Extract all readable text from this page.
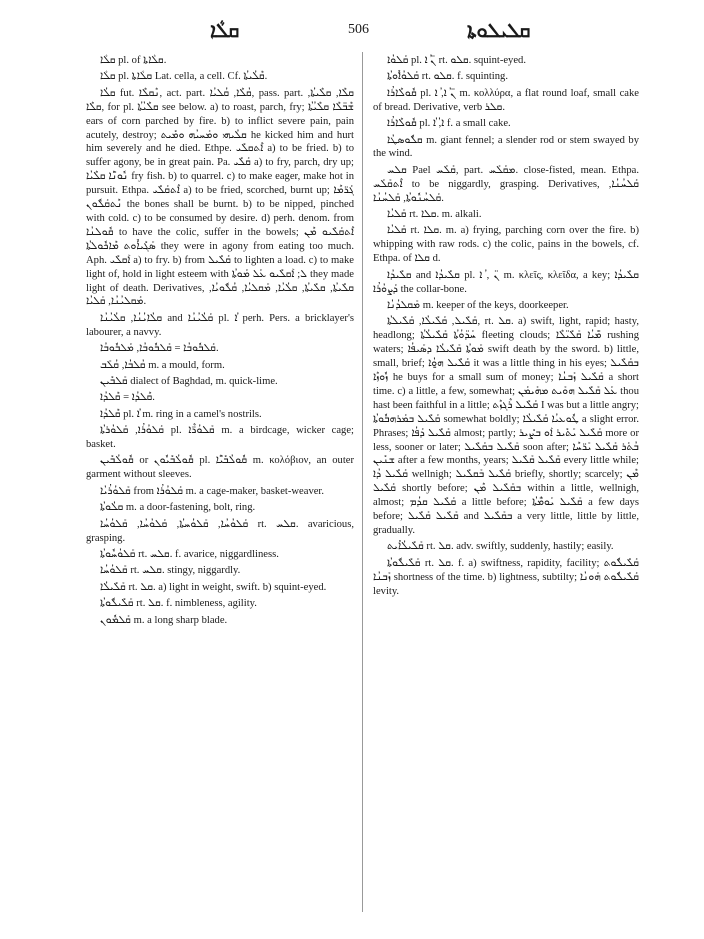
ܩܠܵܐ	506	ܩܠܝܠܘܬܐ

ܩܠܵܐ pl. of ܩܠܵܐܬܐ.

ܩܠܵܐ pl. ܩܠܵܐܬܐ Lat. cella, a cell. Cf. ܩܶܠܳܝܬܳܐ.

ܩܠܳܐ fut. ܢܶܩܠܶܐ, act. part. ܩܳܠܶܐ, ܩܳܠܝܳܐ, pass. part. ܩܠܶܐ, ܩܠܶܝܬܳܐ, ܩܠܶܐ, for pl. ܩܠܶܝܳܬܳܐ see below. a) to roast, parch, fry; ܫܶܒ̈ܠܶܐ ܩܠܶܝܳܬܳܐ ears of corn parched by fire. b) to inflict severe pain, pain acutely, destroy; ܩܠܳܝܗܝ ܘܡܰܚܝܳܗ ܘܡܺܝܬ he kicked him and hurt him severely and he died. Ethpe. ܐܶܬܩܠܺܝ a) to be fried. b) to suffer agony, be in great pain. Pa. ܩܰܠܺܝ a) to fry, parch, dry up; ܢܽܘܢ̈ܶܐ ܩܠܶܝܳܐ fry fish. b) to quarrel. c) to make eager, make hot in pursuit. Ethpa. ܐܶܬܩܰܠܺܝ a) to be fried, scorched, burnt up; ܓܰܪ̈ܡܶܐ ܢܶܬܩܰܠܽܘܢ the bones shall be burnt. b) to be nipped, pinched with cold. c) to be consumed by desire. d) perh. denom. from ܩܽܘܠܢܳܐ to have the colic, suffer in the bowels; ܐܶܬܩܰܠܺܝܘ ܡܶܢ ܣܰܓܺܝܐܽܘܬ ܡܶܐܟܽܘܠܬܳܐ they were in agony from eating too much. Aph. ܐܰܩܠܺܝ a) to fry. b) from ܩܰܠܺܝܠ to lighten a load. c) to make light of, hold in light esteem with ܠ; ܐܰܩܠܺܝܘ ܥܰܠ ܡܰܘܬܳܐ they made light of death. Derivatives, ܩܠܺܝܬܳܐ, ܩܠܺܝܬܳܐ, ܩܠܳܝܳܐ, ܡܰܩܠܝܳܐ, ܩܳܠܽܘܝܳܐ, ܡܰܩܠܝܳܢܳܐ, ܩܰܠܝܳܐ.

ܩܠܳܐܝܳܢܳܐ, ܩܠܳܝܳܢܳܐ and ܩܰܠܳܝܳܢܳܐ pl. ܳܐ perh. Pers. a bricklayer's labourer, a navvy.

ܩܰܠܒܽܘܒܳܐ = ܩܰܠܒܽܘܒܳܐ, ܡܰܠܒܽܘܒܳܐ.

ܩܳܠܒܳܐ, ܩܳܠܰܒ m. a mould, form.

ܩܰܠܒܺܝܢ dialect of Baghdad, m. quick-lime.

ܩܶܠܕܳܐ = ܩܶܠܕܳܐ.

ܩܶܠܕܳܐ pl. ܳܐ m. ring in a camel's nostrils.

ܩܰܠܘܳܪܳܐ, ܩܰܠܘܳܪܬܳܐ pl. ܩܰܠܘܳܪ̈ܶܐ m. a birdcage, wicker cage; basket.

ܩܽܘܠܳܒܺܝܢ or ܩܽܘܠܳܒܺܝܽܘܢ pl. ܩܽܘܠܳܒܺܝ̈ܶܐ m. κολόβιον, an outer garment without sleeves.

ܩܰܠܘܳܪܳܝܳܐ from ܩܰܠܘܳܪܳܐ m. a cage-maker, basket-weaver.

ܩܠܳܘܬܳܐ m. a door-fastening, bolt, ring.

ܩܰܠܘܳܚܳܐ, ܩܰܠܘܳܚܬܳܐ, ܩܰܠܘܳܚܳܐ, ܩܰܠܘܳܚܳܐ rt. ܩܠܚ. avaricious, grasping.

ܩܰܠܘܳܚܽܘܬܳܐ rt. ܩܠܚ. f. avarice, niggardliness.

ܩܰܠܘܳܚܳܐ rt. ܩܠܚ. stingy, niggardly.

ܩܰܠܺܝܠܳܐ rt. ܩܠ. a) light in weight, swift. b) squint-eyed.

ܩܰܠܺܝܠܽܘܬܳܐ rt. ܩܠ. f. nimbleness, agility.

ܩܰܠܡܽܘܢ m. a long sharp blade.

ܩܰܠܘܳܐ pl. ܢ̈ ܳܐ rt. ܩܠܘ. squint-eyed.

ܩܰܠܘܳܐܽܘܬܳܐ rt. ܩܠܘ. f. squinting.

ܩܽܘܠܶܐܪܳܐ pl. ܢ̈ ܳܐ, ܳܐ m. κολλύρα, a flat round loaf, small cake of bread. Derivative, verb ܩܠܪ.

ܩܽܘܠܶܐܪܳܐ pl. ܳܐ, ܳܐ f. a small cake.

ܩܠܽܘܣܛܳܐ m. giant fennel; a slender rod or stem swayed by the wind.

ܩܠܚ Pael ܩܰܠܰܚ, part. ܡܩܰܠܰܚ. close-fisted, mean. Ethpa. ܐܶܬܩܰܠܰܚ to be niggardly, grasping. Derivatives, ܩܰܠܚܳܢܳܐ, ܩܰܠܚܳܢܽܘܬܳܐ, ܩܰܠܚܳܢܳܐ.

ܩܰܠܝܳܐ rt. ܩܠܐ. m. alkali.

ܩܰܠܝܳܐ rt. ܩܠܐ. m. a) frying, parching corn over the fire. b) whipping with raw rods. c) the colic, pains in the bowels, cf. Ethpa. of ܩܠܐ d.

ܩܠܺܝܕܳܐ and ܩܠܺܝܕܳܐ pl. ܢ̈ , ܳܐ m. κλεῖς, κλεῖδα, a key; ܩܠܺܝܕܳܐ ܕܰܨܘܳܪܳܐ the collar-bone.

ܡܰܩܠܕܳܢܳܐ m. keeper of the keys, doorkeeper.

ܩܰܠܺܝܠ, ܩܰܠܺܝܠܳܐ, ܩܰܠܺܝܠܬܳܐ, rt. ܩܠ. a) swift, light, rapid; hasty, headlong; ܚܰܕ̈ܘܳܬܳܐ ܩܰܠܺܝܠܳܬܳܐ fleeting clouds; ܡ̈ܰܝܳܐ ܩܰܠܺܝ̈ܠܶܐ rushing waters; ܡܰܘܬܳܐ ܩܰܠܺܝܠܳܐ ܕܣܰܝܦܳܐ swift death by the sword. b) little, small, brief; ܩܰܠܺܝܠ ܗ̱ܘܳܐ it was a little thing in his eyes; ܒܩܰܠܺܝܠ ܙܽܘܙܶܐ he buys for a small sum of money; ܩܰܠܺܝܠ ܙܰܒܢܳܐ a short time. c) a little, a few, somewhat; ܥܰܠ ܩܰܠܺܝܠ ܗܘܰܝܬ ܡܗܰܝܡܰܢ thou hast been faithful in a little; ܩܰܠܺܝܠ ܪܶܓܙܶܬ I was but a little angry; ܩܰܠܺܝܠ ܒܡܰܪܗܒܽܘܬܳܐ somewhat boldly; ܛܽܘܥܝܳܐ ܩܰܠܺܝܠܳܐ a slight error. Phrases; ܩܰܠܺܝܠ ܕܰܦܳܐ almost; partly; ܩܰܠܺܝܠ ܝܰܬܺܝܪ ܐܰܘ ܒܨܺܝܪ more or less, sooner or later; ܩܰܠܺܝܠ ܒܩܰܠܺܝܠ soon after; ܒܳܬܰܪ ܩܰܠܺܝܠ ܝܰܪ̈ܚܶܐ ܫܢܺܝܢ after a few months, years; ܩܰܠܺܝܠ ܩܰܠܺܝܠ every little while; ܩܰܠܺܝܠ ܕܳܐ wellnigh; ܩܰܠܺܝܠ ܒܰܩܠܺܝܠ briefly, shortly; scarcely; ܡܶܢ ܩܰܠܺܝܠ shortly before; ܒܩܰܠܺܝܠ ܡܶܢ within a little, wellnigh, almost; ܩܰܠܺܝܠ ܩܕܳܡ a little before; ܩܰܠܺܝܠ ܝܰܘܡ̈ܳܬܳܐ a few days before; ܩܰܠܺܝܠ ܩܰܠܺܝܠ and ܒܩܰܠܺܝܠ a very little, little by little, gradually.

ܩܰܠܺܝܠܳܐܺܝܬ rt. ܩܠ. adv. swiftly, suddenly, hastily; easily.

ܩܰܠܺܝܠܽܘܬܳܐ rt. ܩܠ. f. a) swiftness, rapidity, facility; ܩܰܠܺܝܠܽܘܬ ܙܰܒܢܳܐ shortness of the time. b) lightness, subtilty; ܩܰܠܺܝܠܽܘܬ ܗܰܘܢܳܐ levity.
